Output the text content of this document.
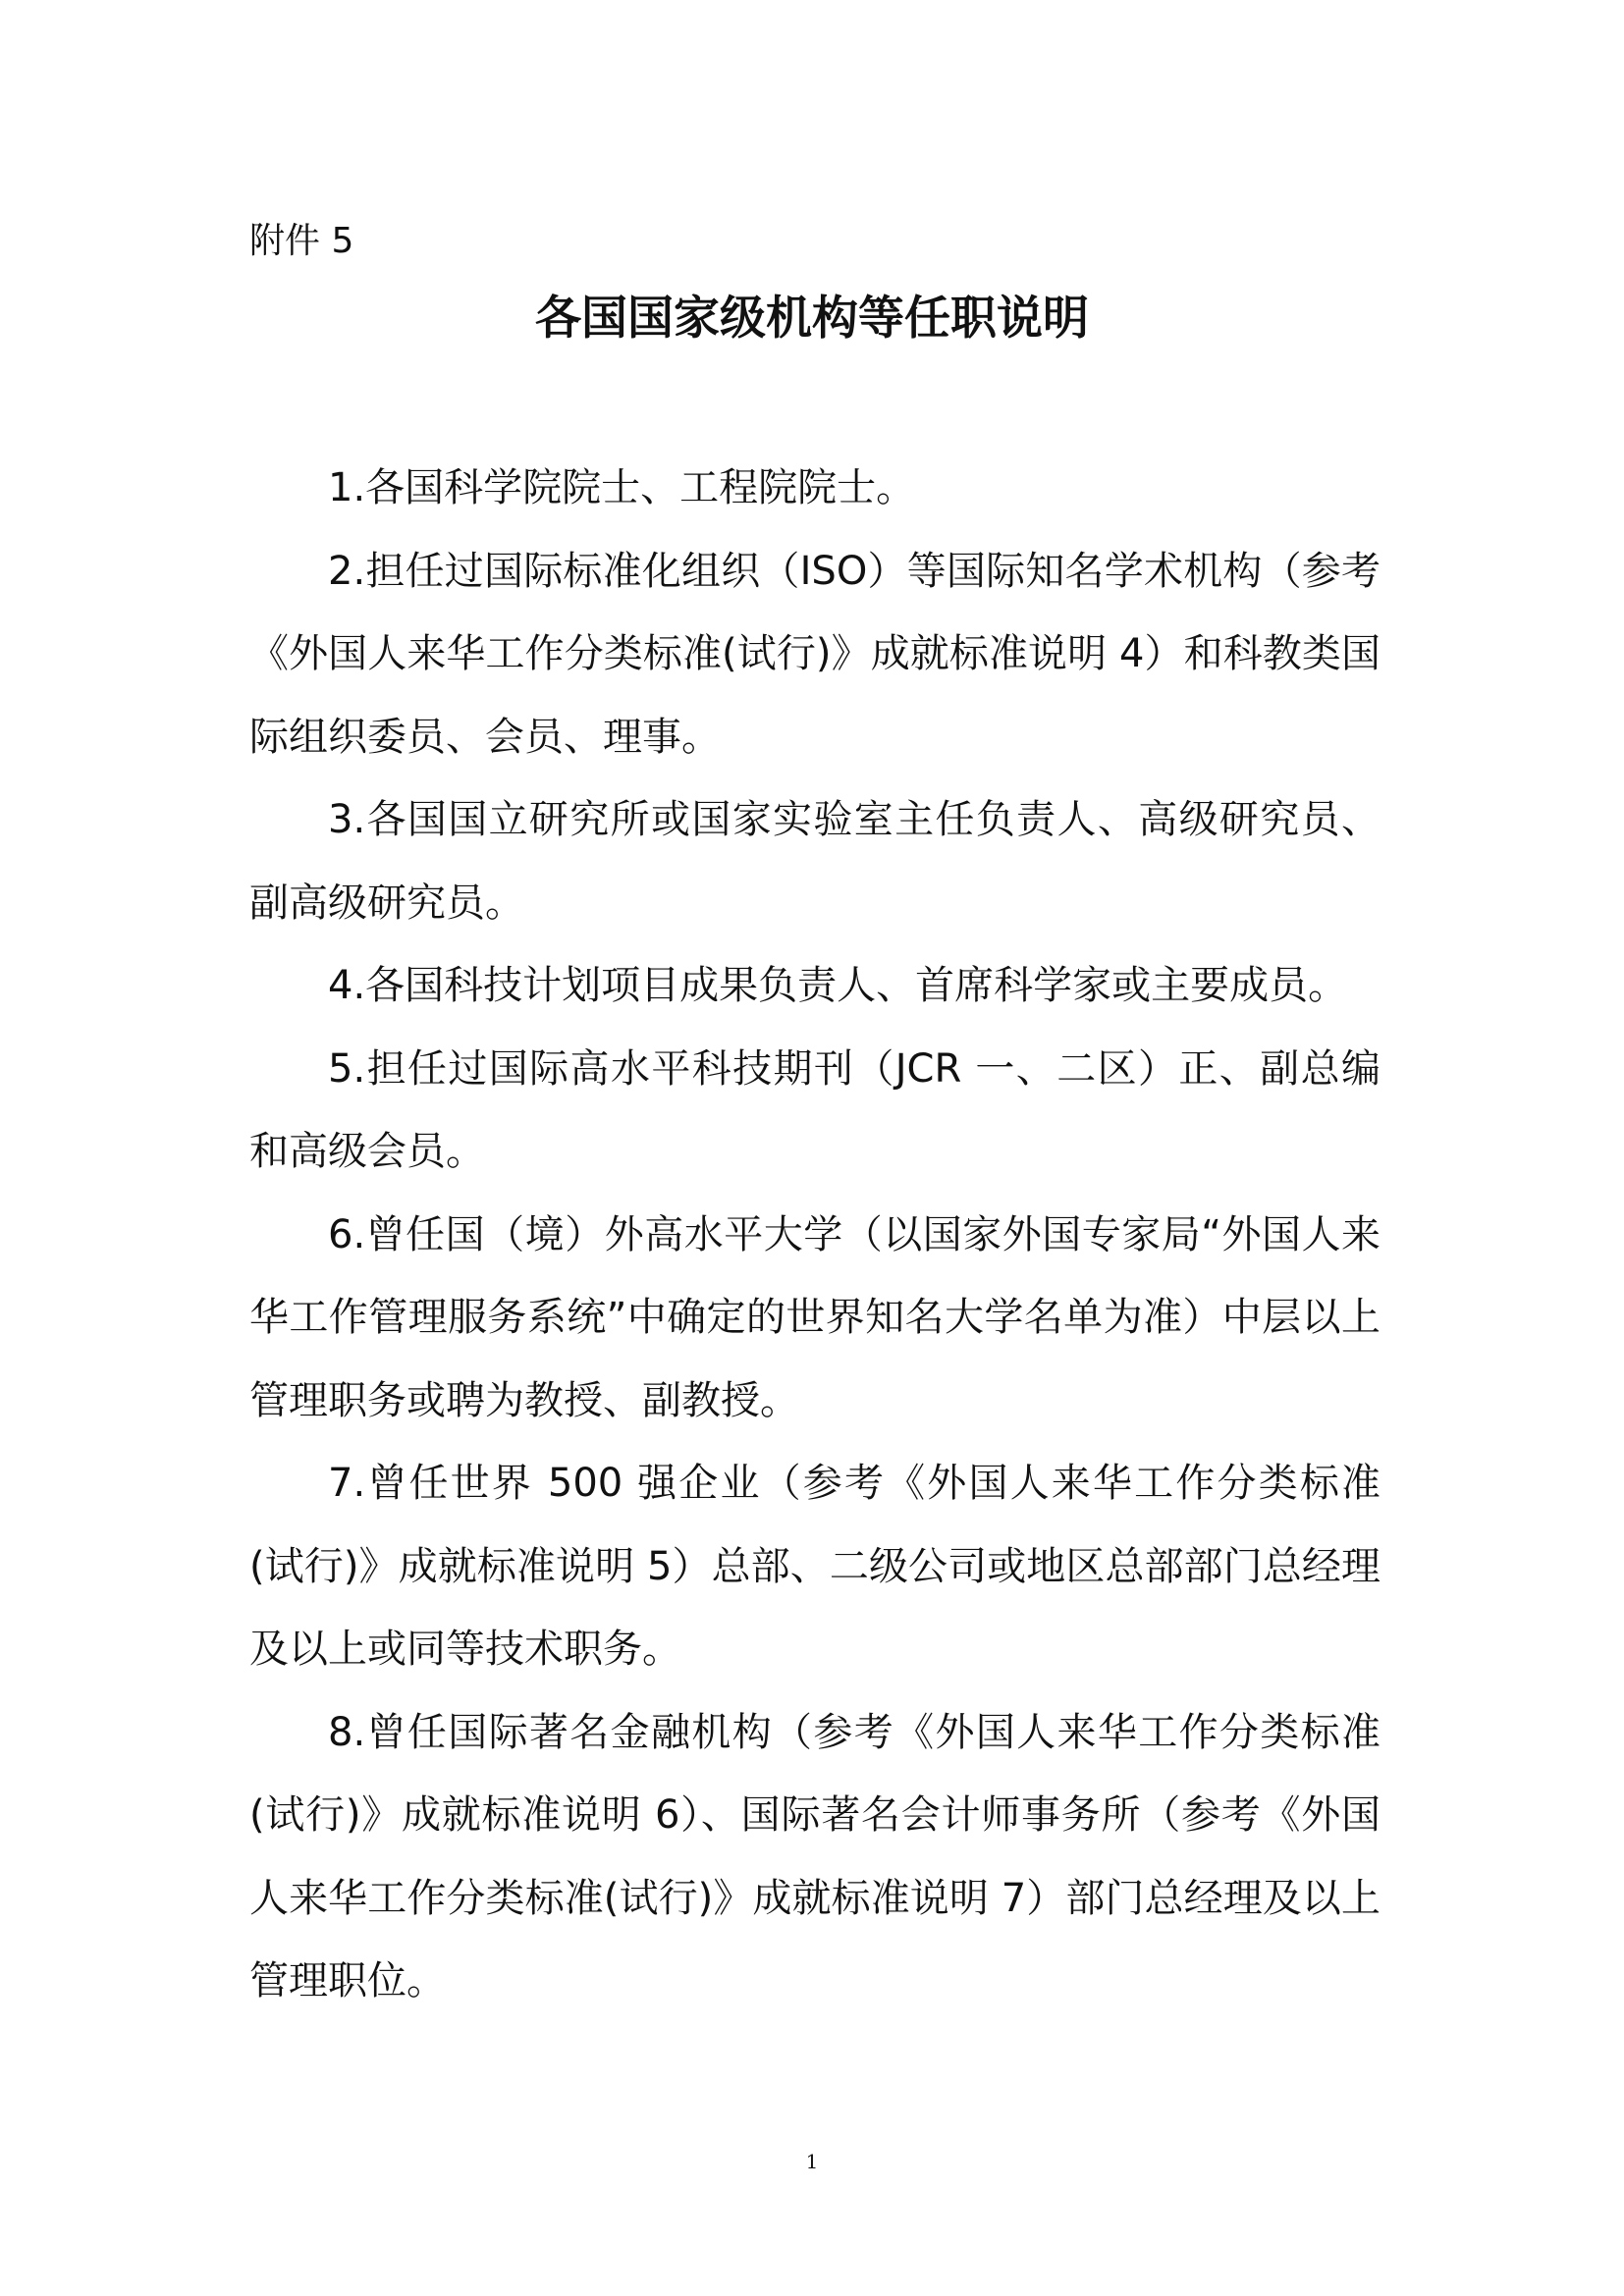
附件 5
各国国家级机构等任职说明

1.各国科学院院士、工程院院士。

2.担任过国际标准化组织（ISO）等国际知名学术机构（参考《外国人来华工作分类标准(试行)》成就标准说明 4）和科教类国际组织委员、会员、理事。

3.各国国立研究所或国家实验室主任负责人、高级研究员、副高级研究员。

4.各国科技计划项目成果负责人、首席科学家或主要成员。

5.担任过国际高水平科技期刊（JCR 一、二区）正、副总编和高级会员。

6.曾任国（境）外高水平大学（以国家外国专家局“外国人来华工作管理服务系统”中确定的世界知名大学名单为准）中层以上管理职务或聘为教授、副教授。

7.曾任世界 500 强企业（参考《外国人来华工作分类标准(试行)》成就标准说明 5）总部、二级公司或地区总部部门总经理及以上或同等技术职务。

8.曾任国际著名金融机构（参考《外国人来华工作分类标准(试行)》成就标准说明 6）、国际著名会计师事务所（参考《外国人来华工作分类标准(试行)》成就标准说明 7）部门总经理及以上管理职位。

1
